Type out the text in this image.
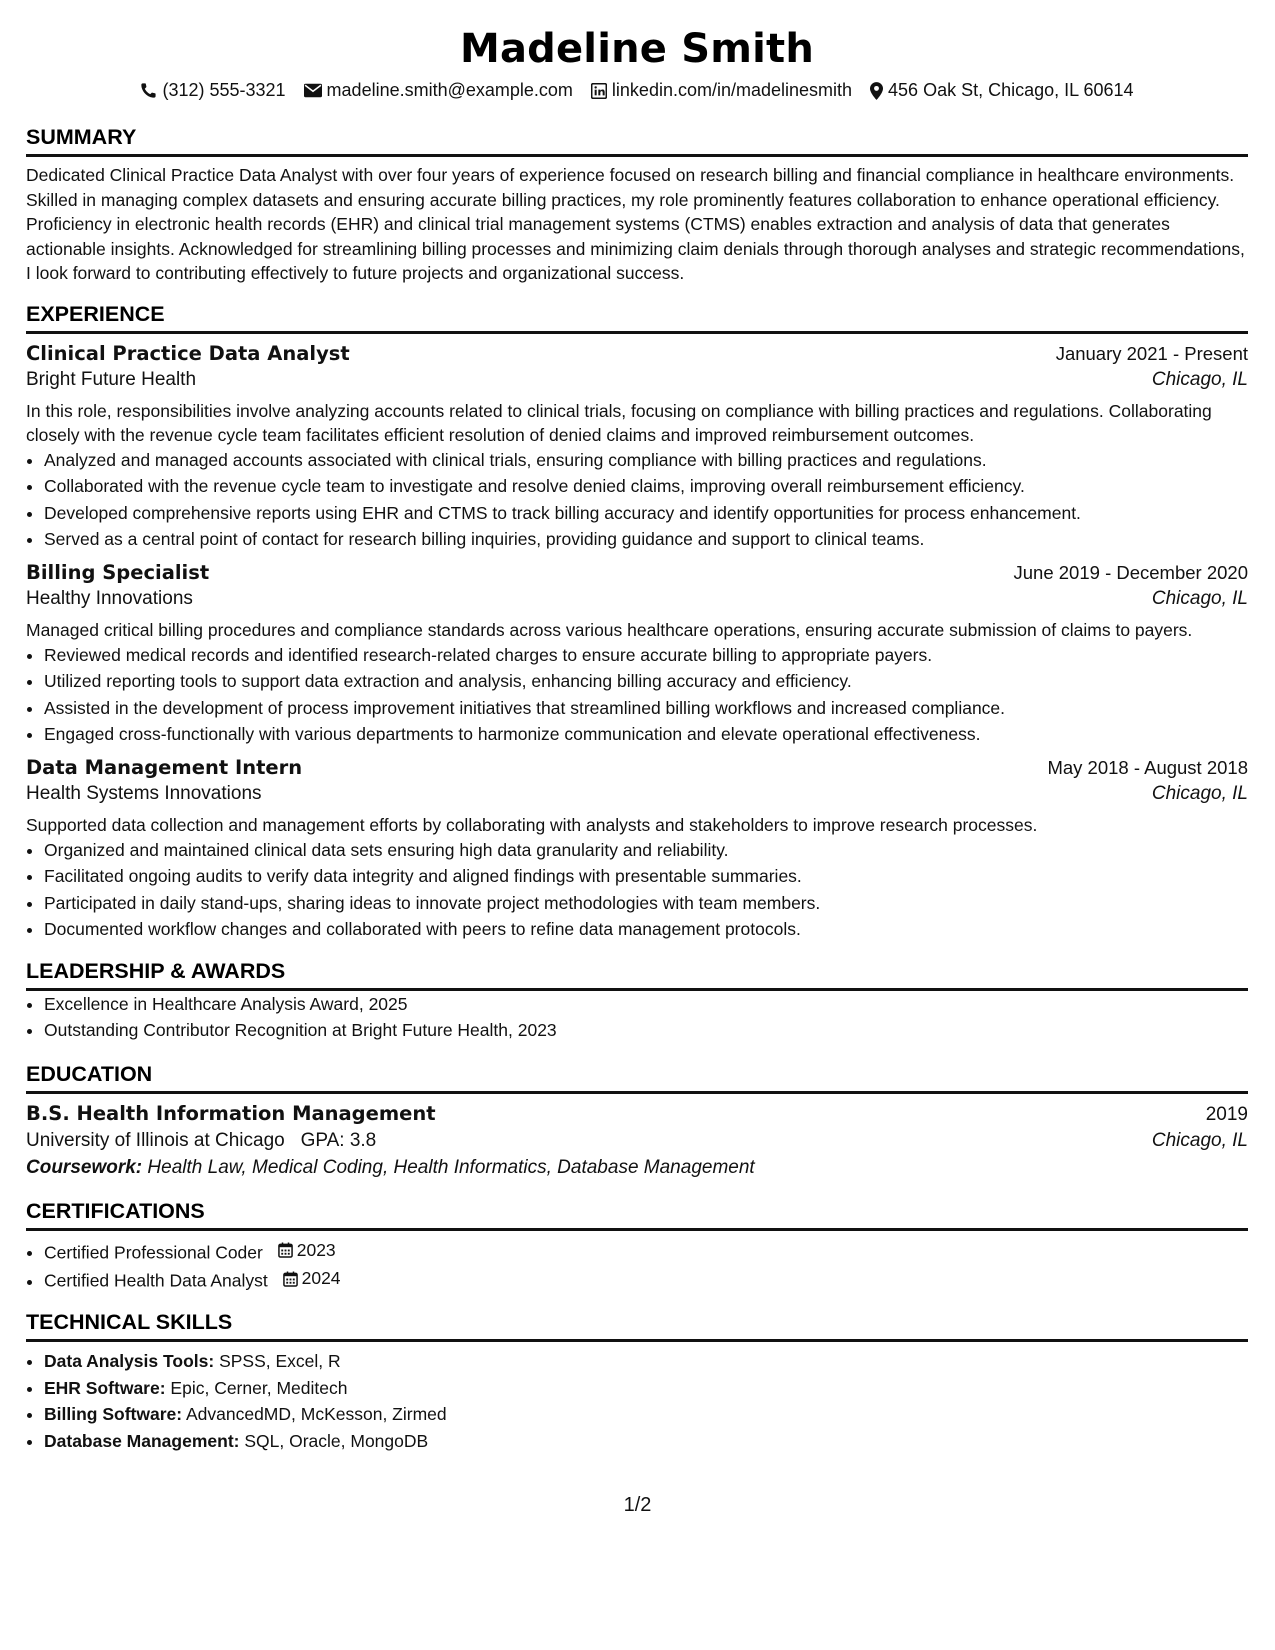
Madeline Smith
(312) 555-3321 madeline.smith@example.com linkedin.com/in/madelinesmith 456 Oak St, Chicago, IL 60614
SUMMARY
Dedicated Clinical Practice Data Analyst with over four years of experience focused on research billing and financial compliance in healthcare environments. Skilled in managing complex datasets and ensuring accurate billing practices, my role prominently features collaboration to enhance operational efficiency. Proficiency in electronic health records (EHR) and clinical trial management systems (CTMS) enables extraction and analysis of data that generates actionable insights. Acknowledged for streamlining billing processes and minimizing claim denials through thorough analyses and strategic recommendations, I look forward to contributing effectively to future projects and organizational success.
EXPERIENCE
Clinical Practice Data Analyst	January 2021 - Present
Bright Future Health	Chicago, IL
In this role, responsibilities involve analyzing accounts related to clinical trials, focusing on compliance with billing practices and regulations. Collaborating closely with the revenue cycle team facilitates efficient resolution of denied claims and improved reimbursement outcomes.
• Analyzed and managed accounts associated with clinical trials, ensuring compliance with billing practices and regulations.
• Collaborated with the revenue cycle team to investigate and resolve denied claims, improving overall reimbursement efficiency.
• Developed comprehensive reports using EHR and CTMS to track billing accuracy and identify opportunities for process enhancement.
• Served as a central point of contact for research billing inquiries, providing guidance and support to clinical teams.
Billing Specialist	June 2019 - December 2020
Healthy Innovations	Chicago, IL
Managed critical billing procedures and compliance standards across various healthcare operations, ensuring accurate submission of claims to payers.
• Reviewed medical records and identified research-related charges to ensure accurate billing to appropriate payers.
• Utilized reporting tools to support data extraction and analysis, enhancing billing accuracy and efficiency.
• Assisted in the development of process improvement initiatives that streamlined billing workflows and increased compliance.
• Engaged cross-functionally with various departments to harmonize communication and elevate operational effectiveness.
Data Management Intern	May 2018 - August 2018
Health Systems Innovations	Chicago, IL
Supported data collection and management efforts by collaborating with analysts and stakeholders to improve research processes.
• Organized and maintained clinical data sets ensuring high data granularity and reliability.
• Facilitated ongoing audits to verify data integrity and aligned findings with presentable summaries.
• Participated in daily stand-ups, sharing ideas to innovate project methodologies with team members.
• Documented workflow changes and collaborated with peers to refine data management protocols.
LEADERSHIP & AWARDS
• Excellence in Healthcare Analysis Award, 2025
• Outstanding Contributor Recognition at Bright Future Health, 2023
EDUCATION
B.S. Health Information Management	2019
University of Illinois at Chicago GPA: 3.8	Chicago, IL
Coursework: Health Law, Medical Coding, Health Informatics, Database Management
CERTIFICATIONS
• Certified Professional Coder 2023
• Certified Health Data Analyst 2024
TECHNICAL SKILLS
• Data Analysis Tools: SPSS, Excel, R
• EHR Software: Epic, Cerner, Meditech
• Billing Software: AdvancedMD, McKesson, Zirmed
• Database Management: SQL, Oracle, MongoDB
1/2
